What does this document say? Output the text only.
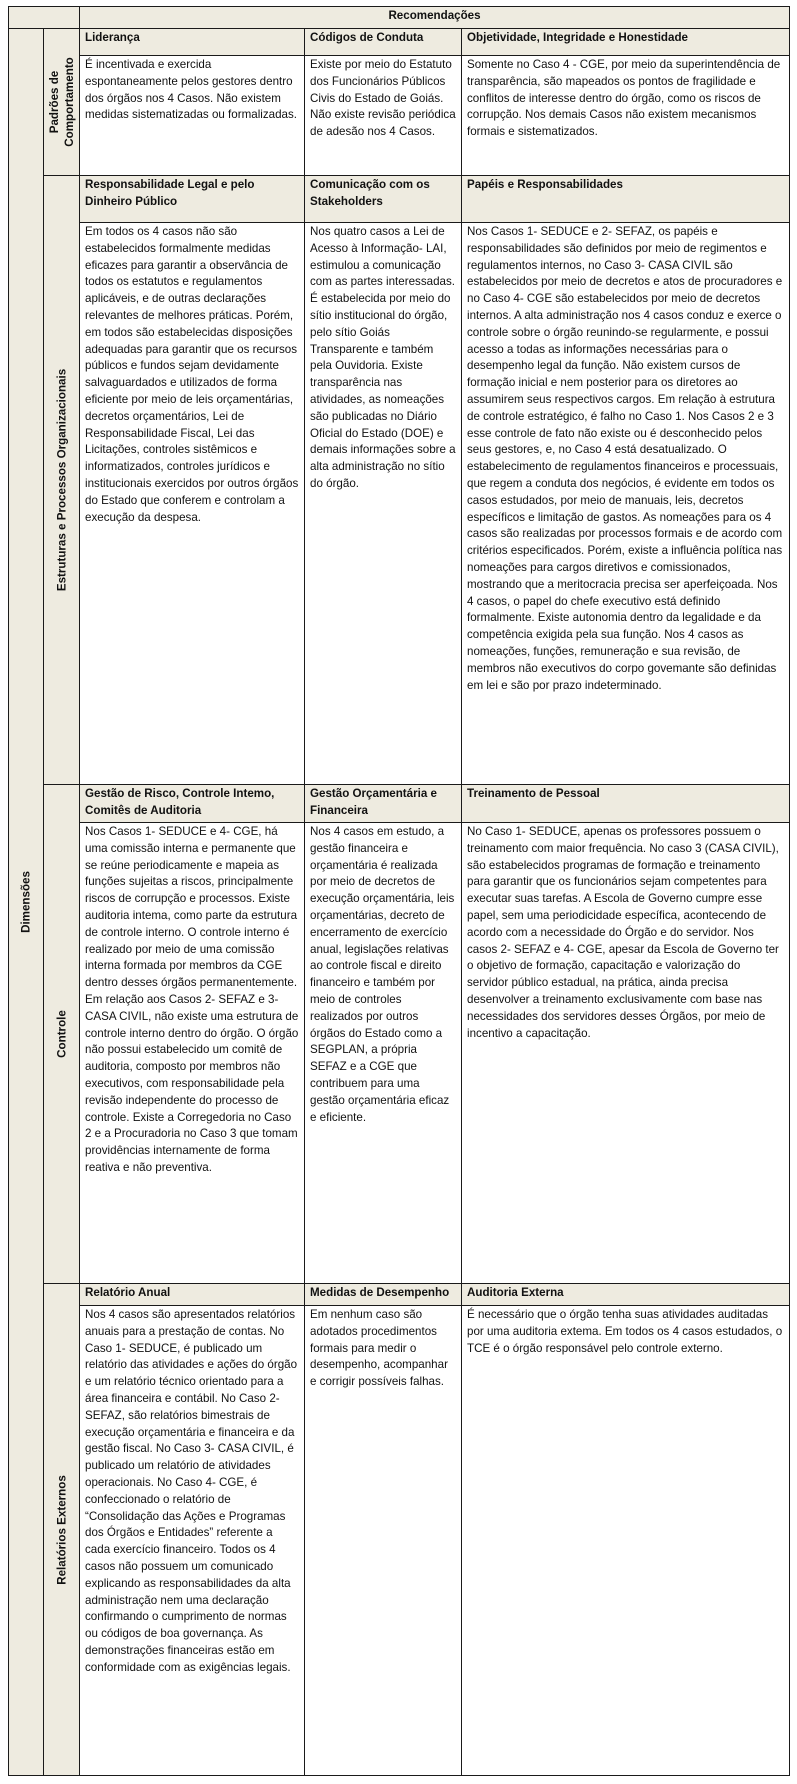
		Recomendações		

Dimensões	Padrões de Comportamento	Liderança	Códigos de Conduta	Objetividade, Integridade e Honestidade
		É incentivada e exercida espontaneamente pelos gestores dentro dos órgãos nos 4 Casos. Não existem medidas sistematizadas ou formalizadas.	Existe por meio do Estatuto dos Funcionários Públicos Civis do Estado de Goiás. Não existe revisão periódica de adesão nos 4 Casos.	Somente no Caso 4 - CGE, por meio da superintendência de transparência, são mapeados os pontos de fragilidade e conflitos de interesse dentro do órgão, como os riscos de corrupção. Nos demais Casos não existem mecanismos formais e sistematizados.

	Estruturas e Processos Organizacionais	Responsabilidade Legal e pelo Dinheiro Público	Comunicação com os Stakeholders	Papéis e Responsabilidades
Em todos os 4 casos não são estabelecidos formalmente medidas eficazes para garantir a observância de todos os estatutos e regulamentos aplicáveis, e de outras declarações relevantes de melhores práticas. Porém, em todos são estabelecidas disposições adequadas para garantir que os recursos públicos e fundos sejam devidamente salvaguardados e utilizados de forma eficiente por meio de leis orçamentárias, decretos orçamentários, Lei de Responsabilidade Fiscal, Lei das Licitações, controles sistêmicos e informatizados, controles jurídicos e institucionais exercidos por outros órgãos do Estado que conferem e controlam a execução da despesa.	Nos quatro casos a Lei de Acesso à Informação- LAI, estimulou a comunicação com as partes interessadas. É estabelecida por meio do sítio institucional do órgão, pelo sítio Goiás Transparente e também pela Ouvidoria. Existe transparência nas atividades, as nomeações são publicadas no Diário Oficial do Estado (DOE) e demais informações sobre a alta administração no sítio do órgão.	Nos Casos 1- SEDUCE e 2- SEFAZ, os papéis e responsabilidades são definidos por meio de regimentos e regulamentos internos, no Caso 3- CASA CIVIL são estabelecidos por meio de decretos e atos de procuradores e no Caso 4- CGE são estabelecidos por meio de decretos internos. A alta administração nos 4 casos conduz e exerce o controle sobre o órgão reunindo-se regularmente, e possui acesso a todas as informações necessárias para o desempenho legal da função. Não existem cursos de formação inicial e nem posterior para os diretores ao assumirem seus respectivos cargos. Em relação à estrutura de controle estratégico, é falho no Caso 1. Nos Casos 2 e 3 esse controle de fato não existe ou é desconhecido pelos seus gestores, e, no Caso 4 está desatualizado. O estabelecimento de regulamentos financeiros e processuais, que regem a conduta dos negócios, é evidente em todos os casos estudados, por meio de manuais, leis, decretos específicos e limitação de gastos. As nomeações para os 4 casos são realizadas por processos formais e de acordo com critérios especificados. Porém, existe a influência política nas nomeações para cargos diretivos e comissionados, mostrando que a meritocracia precisa ser aperfeiçoada. Nos 4 casos, o papel do chefe executivo está definido formalmente. Existe autonomia dentro da legalidade e da competência exigida pela sua função. Nos 4 casos as nomeações, funções, remuneração e sua revisão, de membros não executivos do corpo govemante são definidas em lei e são por prazo indeterminado.

	Controle	Gestão de Risco, Controle Intemo, Comitês de Auditoria	Gestão Orçamentária e Financeira	Treinamento de Pessoal
Nos Casos 1- SEDUCE e 4- CGE, há uma comissão interna e permanente que se reúne periodicamente e mapeia as funções sujeitas a riscos, principalmente riscos de corrupção e processos. Existe auditoria intema, como parte da estrutura de controle interno. O controle interno é realizado por meio de uma comissão interna formada por membros da CGE dentro desses órgãos permanentemente. Em relação aos Casos 2- SEFAZ e 3- CASA CIVIL, não existe uma estrutura de controle interno dentro do órgão. O órgão não possui estabelecido um comitê de auditoria, composto por membros não executivos, com responsabilidade pela revisão independente do processo de controle. Existe a Corregedoria no Caso 2 e a Procuradoria no Caso 3 que tomam providências internamente de forma reativa e não preventiva.	Nos 4 casos em estudo, a gestão financeira e orçamentária é realizada por meio de decretos de execução orçamentária, leis orçamentárias, decreto de encerramento de exercício anual, legislações relativas ao controle fiscal e direito financeiro e também por meio de controles realizados por outros órgãos do Estado como a SEGPLAN, a própria SEFAZ e a CGE que contribuem para uma gestão orçamentária eficaz e eficiente.	No Caso 1- SEDUCE, apenas os professores possuem o treinamento com maior frequência. No caso 3 (CASA CIVIL), são estabelecidos programas de formação e treinamento para garantir que os funcionários sejam competentes para executar suas tarefas. A Escola de Governo cumpre esse papel, sem uma periodicidade específica, acontecendo de acordo com a necessidade do Órgão e do servidor. Nos casos 2- SEFAZ e 4- CGE, apesar da Escola de Governo ter o objetivo de formação, capacitação e valorização do servidor público estadual, na prática, ainda precisa desenvolver a treinamento exclusivamente com base nas necessidades dos servidores desses Órgãos, por meio de incentivo a capacitação.

	Relatórios Externos	Relatório Anual	Medidas de Desempenho	Auditoria Externa
		Nos 4 casos são apresentados relatórios anuais para a prestação de contas. No Caso 1- SEDUCE, é publicado um relatório das atividades e ações do órgão e um relatório técnico orientado para a área financeira e contábil. No Caso 2- SEFAZ, são relatórios bimestrais de execução orçamentária e financeira e da gestão fiscal. No Caso 3- CASA CIVIL, é publicado um relatório de atividades operacionais. No Caso 4- CGE, é confeccionado o relatório de “Consolidação das Ações e Programas dos Órgãos e Entidades” referente a cada exercício financeiro. Todos os 4 casos não possuem um comunicado explicando as responsabilidades da alta administração nem uma declaração confirmando o cumprimento de normas ou códigos de boa governança. As demonstrações financeiras estão em conformidade com as exigências legais.	Em nenhum caso são adotados procedimentos formais para medir o desempenho, acompanhar e corrigir possíveis falhas.	É necessário que o órgão tenha suas atividades auditadas por uma auditoria extema. Em todos os 4 casos estudados, o TCE é o órgão responsável pelo controle externo.
